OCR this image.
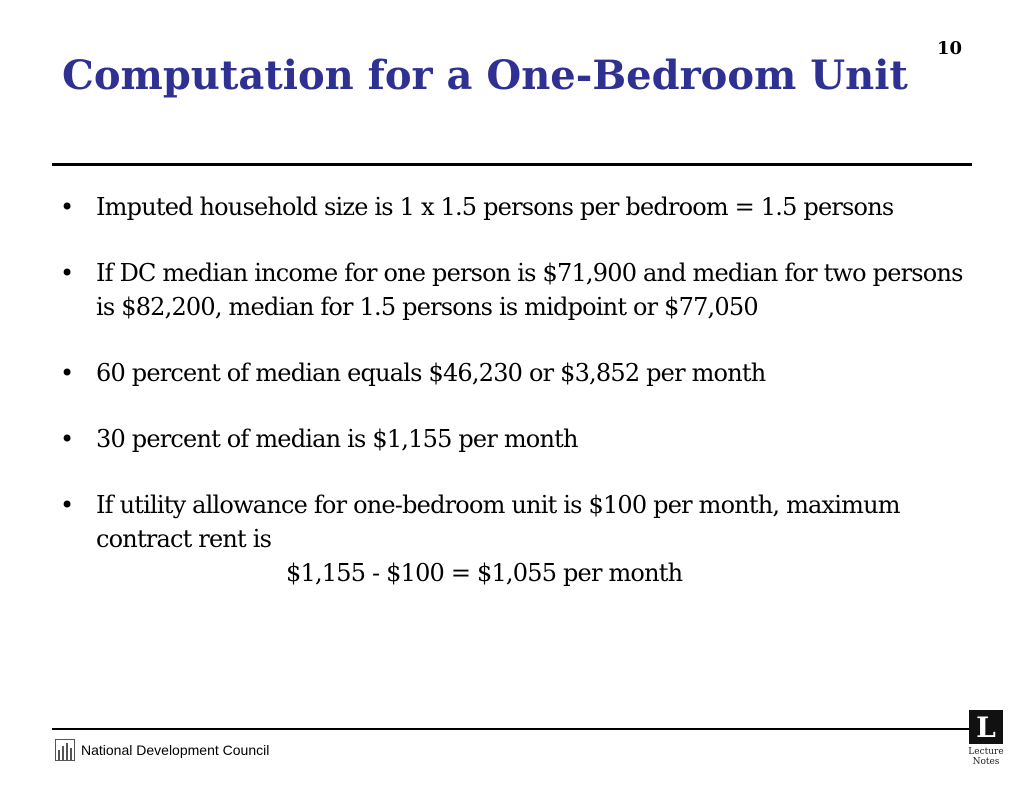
10
Computation for a One-Bedroom Unit
• Imputed household size is 1 x 1.5 persons per bedroom = 1.5 persons
• If DC median income for one person is $71,900 and median for two persons is $82,200, median for 1.5 persons is midpoint or $77,050
• 60 percent of median equals $46,230 or $3,852 per month
• 30 percent of median is $1,155 per month
• If utility allowance for one-bedroom unit is $100 per month, maximum contract rent is
$1,155 - $100 = $1,055 per month
National Development Council
L
Lecture
Notes
